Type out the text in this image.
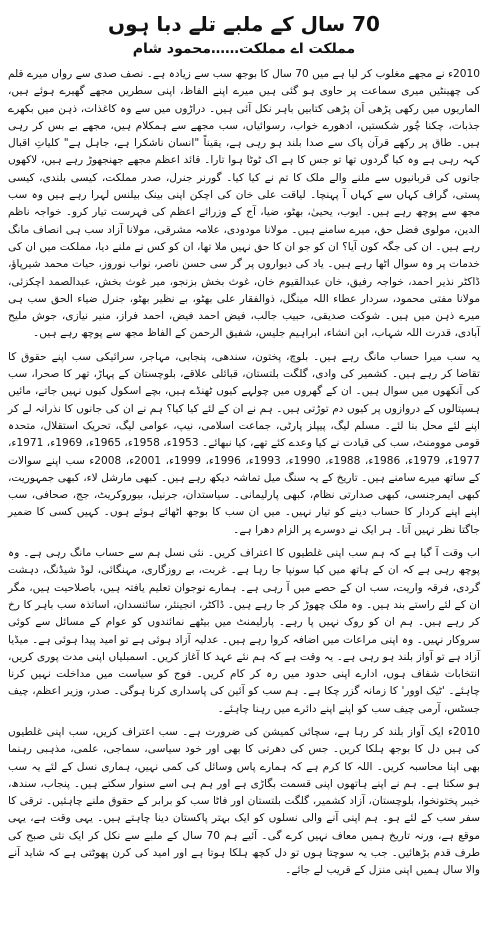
70 سال کے ملبے تلے دبا ہوں
مملکت اے مملکت……محمود شام

2010ء نے مجھے مغلوب کر لیا ہے میں 70 سال کا بوجھ سب سے زیادہ ہے۔ نصف صدی سے رواں میرے قلم کی چھینٹیں میری سماعت پر حاوی ہو گئی ہیں میرے اپنے الفاظ، اپنی سطریں مجھے گھیرے ہوئے ہیں، الماریوں میں رکھی پڑھی اَن پڑھی کتابیں باہر نکل آئی ہیں۔ دراڑوں میں سے وہ کاغذات، ذہن میں بکھرے جذبات، چکنا چُور شکستیں، ادھورے خواب، رسوائیاں، سب مجھے سے ہمکلام ہیں، مجھے بے بس کر رہی ہیں۔ طاق پر رکھے قرآن پاک سے صدا بلند ہو رہی ہے، یقیناً "انسان ناشکرا ہے، جاہل ہے" کلیاتِ اقبال کہہ رہی ہے وہ کیا گردوں تھا تو جس کا ہے اک ٹوٹا ہوا تارا۔ قائد اعظم مجھے جھنجھوڑ رہے ہیں، لاکھوں جانوں کی قربانیوں سے ملنے والے ملک کا تم نے کیا کیا۔ گورنر جنرل، صدر مملکت، کیسی بلندی، کیسی پستی، گراف کہاں سے کہاں آ پہنچا۔ لیاقت علی خان کی اچکن اپنی بینک بیلنس لہرا رہے ہیں وہ سب مجھ سے پوچھ رہے ہیں۔ ایوب، یحییٰ، بھٹو، ضیا، آج کے وزرائے اعظم کی فہرست تیار کرو۔ خواجہ ناظم الدین، مولوی فضل حق، میرے سامنے ہیں۔ مولانا مودودی، علامہ مشرقی، مولانا آزاد سب ہی انصاف مانگ رہے ہیں۔ ان کی جگہ کون آیا؟ ان کو جو ان کا حق نہیں ملا تھا، ان کو کس نے ملنے دیا، مملکت میں ان کی خدمات پر وہ سوال اٹھا رہے ہیں۔ یاد کی دیواروں پر گر سی حسن ناصر، نواب نوروز، حیات محمد شیرپاؤ، ڈاکٹر نذیر احمد، خواجہ رفیق، خان عبدالقیوم خان، غوث بخش بزنجو، میر غوث بخش، عبدالصمد اچکزئی، مولانا مفتی محمود، سردار عطاء اللہ مینگل، ذوالفقار علی بھٹو، بے نظیر بھٹو، جنرل ضیاء الحق سب ہی میرے ذہن میں ہیں۔ شوکت صدیقی، حبیب جالب، فیض احمد فیض، احمد فراز، منیر نیازی، جوش ملیح آبادی، قدرت اللہ شہاب، ابن انشاء، ابراہیم جلیس، شفیق الرحمن کے الفاظ مجھ سے پوچھ رہے ہیں۔

یہ سب میرا حساب مانگ رہے ہیں۔ بلوچ، پختون، سندھی، پنجابی، مہاجر، سرائیکی سب اپنے حقوق کا تقاضا کر رہے ہیں۔ کشمیر کی وادی، گلگت بلتستان، قبائلی علاقے، بلوچستان کے پہاڑ، تھر کا صحرا، سب کی آنکھوں میں سوال ہیں۔ ان کے گھروں میں چولہے کیوں ٹھنڈے ہیں، بچے اسکول کیوں نہیں جاتے، مائیں ہسپتالوں کے دروازوں پر کیوں دم توڑتی ہیں۔ ہم نے ان کے لئے کیا کیا؟ ہم نے ان کی جانوں کا نذرانہ لے کر اپنے لئے محل بنا لئے۔ مسلم لیگ، پیپلز پارٹی، جماعت اسلامی، نیپ، عوامی لیگ، تحریک استقلال، متحدہ قومی موومنٹ، سب کی قیادت نے کیا وعدے کئے تھے، کیا نبھائے۔ 1953ء، 1958ء، 1965ء، 1969ء، 1971ء، 1977ء، 1979ء، 1986ء، 1988ء، 1990ء، 1993ء، 1996ء، 1999ء، 2001ء، 2008ء سب اپنے سوالات کے ساتھ میرے سامنے ہیں۔ تاریخ کے یہ سنگ میل تماشہ دیکھ رہے ہیں۔ کبھی مارشل لاء، کبھی جمہوریت، کبھی ایمرجنسی، کبھی صدارتی نظام، کبھی پارلیمانی۔ سیاستدان، جرنیل، بیوروکریٹ، جج، صحافی، سب اپنے اپنے کردار کا حساب دینے کو تیار نہیں۔ میں ان سب کا بوجھ اٹھائے ہوئے ہوں۔ کہیں کسی کا ضمیر جاگتا نظر نہیں آتا۔ ہر ایک نے دوسرے پر الزام دھرا ہے۔

اب وقت آ گیا ہے کہ ہم سب اپنی غلطیوں کا اعتراف کریں۔ نئی نسل ہم سے حساب مانگ رہی ہے۔ وہ پوچھ رہی ہے کہ ان کے ہاتھ میں کیا سونپا جا رہا ہے۔ غربت، بے روزگاری، مہنگائی، لوڈ شیڈنگ، دہشت گردی، فرقہ واریت، سب ان کے حصے میں آ رہی ہے۔ ہمارے نوجوان تعلیم یافتہ ہیں، باصلاحیت ہیں، مگر ان کے لئے راستے بند ہیں۔ وہ ملک چھوڑ کر جا رہے ہیں۔ ڈاکٹر، انجینئر، سائنسدان، اساتذہ سب باہر کا رخ کر رہے ہیں۔ ہم ان کو روک نہیں پا رہے۔ پارلیمنٹ میں بیٹھے نمائندوں کو عوام کے مسائل سے کوئی سروکار نہیں۔ وہ اپنی مراعات میں اضافہ کروا رہے ہیں۔ عدلیہ آزاد ہوئی ہے تو امید پیدا ہوئی ہے۔ میڈیا آزاد ہے تو آواز بلند ہو رہی ہے۔ یہ وقت ہے کہ ہم نئے عہد کا آغاز کریں۔ اسمبلیاں اپنی مدت پوری کریں، انتخابات شفاف ہوں، ادارے اپنی حدود میں رہ کر کام کریں۔ فوج کو سیاست میں مداخلت نہیں کرنا چاہئے۔ 'ٹیک اوور' کا زمانہ گزر چکا ہے۔ ہم سب کو آئین کی پاسداری کرنا ہوگی۔ صدر، وزیر اعظم، چیف جسٹس، آرمی چیف سب کو اپنے اپنے دائرے میں رہنا چاہئے۔

2010ء ایک آواز بلند کر رہا ہے، سچائی کمیشن کی ضرورت ہے۔ سب اعتراف کریں، سب اپنی غلطیوں کی ہیں دل کا بوجھ ہلکا کریں۔ جس کی دھرتی کا بھی اور خود سیاسی، سماجی، علمی، مذہبی رہنما بھی اپنا محاسبہ کریں۔ اللہ کا کرم ہے کہ ہمارے پاس وسائل کی کمی نہیں، ہماری نسل کے لئے یہ سب ہو سکتا ہے۔ ہم نے اپنے ہاتھوں اپنی قسمت بگاڑی ہے اور ہم ہی اسے سنوار سکتے ہیں۔ پنجاب، سندھ، خیبر پختونخوا، بلوچستان، آزاد کشمیر، گلگت بلتستان اور فاٹا سب کو برابر کے حقوق ملنے چاہئیں۔ ترقی کا سفر سب کے لئے ہو۔ ہم اپنی آنے والی نسلوں کو ایک بہتر پاکستان دینا چاہتے ہیں۔ یہی وقت ہے، یہی موقع ہے، ورنہ تاریخ ہمیں معاف نہیں کرے گی۔ آئیے ہم 70 سال کے ملبے سے نکل کر ایک نئی صبح کی طرف قدم بڑھائیں۔ جب یہ سوچتا ہوں تو دل کچھ ہلکا ہوتا ہے اور امید کی کرن پھوٹتی ہے کہ شاید آنے والا سال ہمیں اپنی منزل کے قریب لے جائے۔
